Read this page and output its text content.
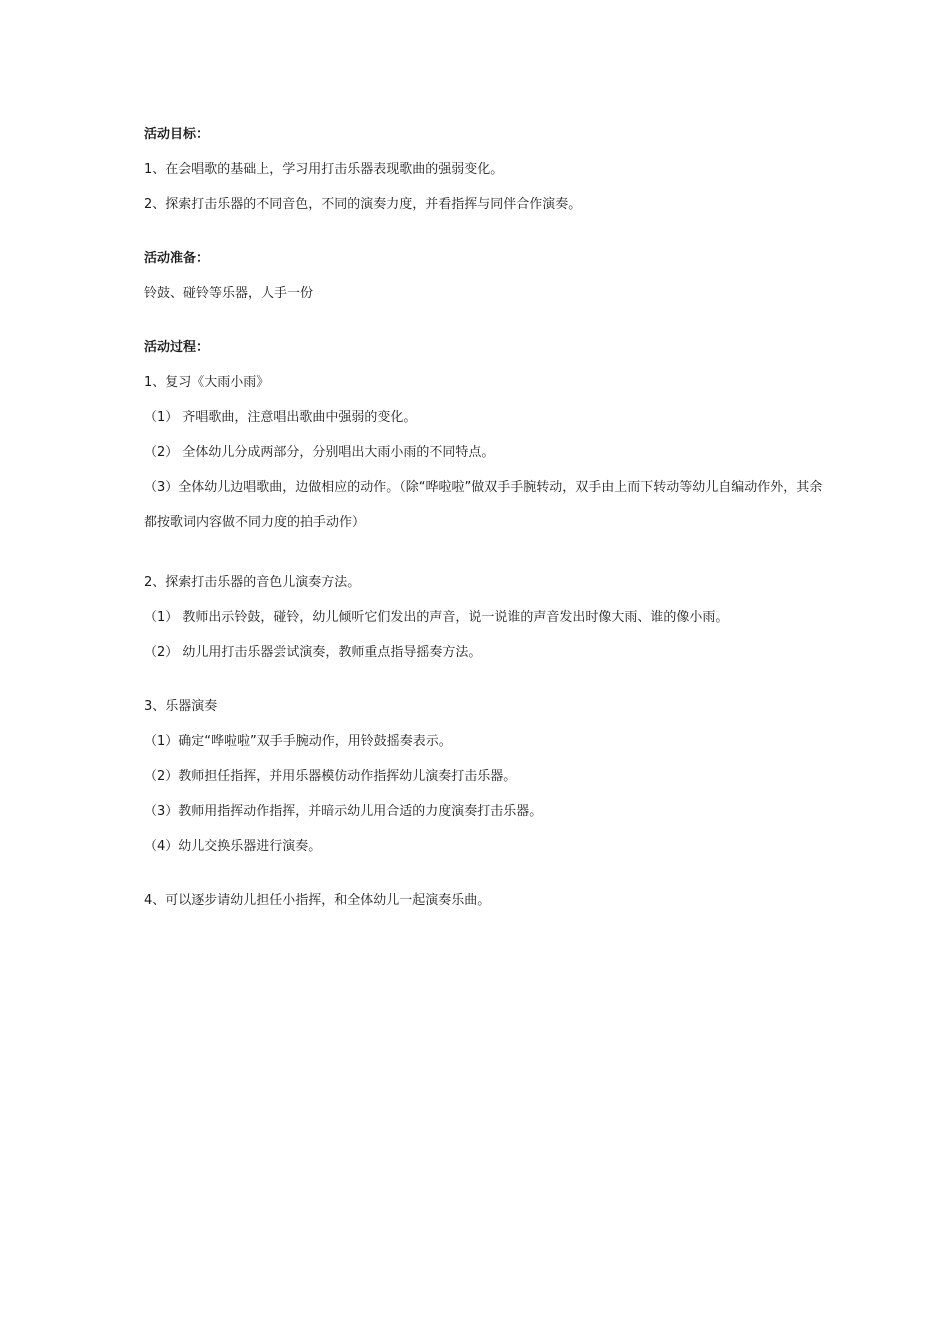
活动目标：

1、在会唱歌的基础上，学习用打击乐器表现歌曲的强弱变化。

2、探索打击乐器的不同音色，不同的演奏力度，并看指挥与同伴合作演奏。

活动准备：

铃鼓、碰铃等乐器，人手一份

活动过程：

1、复习《大雨小雨》

（1） 齐唱歌曲，注意唱出歌曲中强弱的变化。

（2） 全体幼儿分成两部分，分别唱出大雨小雨的不同特点。

（3）全体幼儿边唱歌曲，边做相应的动作。（除“哗啦啦”做双手手腕转动，双手由上而下转动等幼儿自编动作外，其余都按歌词内容做不同力度的拍手动作）

2、探索打击乐器的音色儿演奏方法。

（1） 教师出示铃鼓，碰铃，幼儿倾听它们发出的声音，说一说谁的声音发出时像大雨、谁的像小雨。

（2） 幼儿用打击乐器尝试演奏，教师重点指导摇奏方法。

3、乐器演奏

（1）确定“哗啦啦”双手手腕动作，用铃鼓摇奏表示。

（2）教师担任指挥，并用乐器模仿动作指挥幼儿演奏打击乐器。

（3）教师用指挥动作指挥，并暗示幼儿用合适的力度演奏打击乐器。

（4）幼儿交换乐器进行演奏。

4、可以逐步请幼儿担任小指挥，和全体幼儿一起演奏乐曲。
